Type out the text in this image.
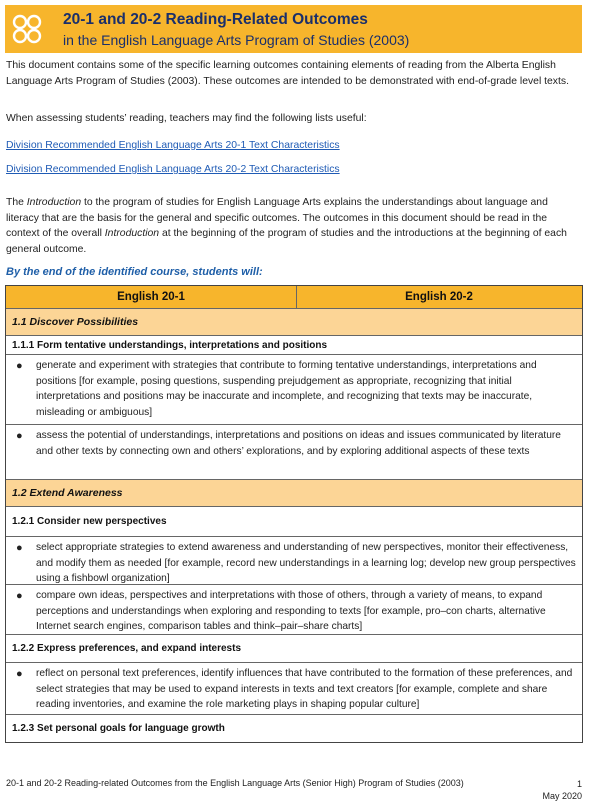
20-1 and 20-2 Reading-Related Outcomes
in the English Language Arts Program of Studies (2003)
This document contains some of the specific learning outcomes containing elements of reading from the Alberta English Language Arts Program of Studies (2003). These outcomes are intended to be demonstrated with end-of-grade level texts.
When assessing students’ reading, teachers may find the following lists useful:
Division Recommended English Language Arts 20-1 Text Characteristics
Division Recommended English Language Arts 20-2 Text Characteristics
The Introduction to the program of studies for English Language Arts explains the understandings about language and literacy that are the basis for the general and specific outcomes. The outcomes in this document should be read in the context of the overall Introduction at the beginning of the program of studies and the introductions at the beginning of each general outcome.
By the end of the identified course, students will:
English 20-1	English 20-2
1.1 Discover Possibilities
1.1.1 Form tentative understandings, interpretations and positions
● generate and experiment with strategies that contribute to forming tentative understandings, interpretations and positions [for example, posing questions, suspending prejudgement as appropriate, recognizing that initial interpretations and positions may be inaccurate and incomplete, and recognizing that texts may be inaccurate, misleading or ambiguous]
● assess the potential of understandings, interpretations and positions on ideas and issues communicated by literature and other texts by connecting own and others’ explorations, and by exploring additional aspects of these texts
1.2 Extend Awareness
1.2.1 Consider new perspectives
● select appropriate strategies to extend awareness and understanding of new perspectives, monitor their effectiveness, and modify them as needed [for example, record new understandings in a learning log; develop new group perspectives using a fishbowl organization]
● compare own ideas, perspectives and interpretations with those of others, through a variety of means, to expand perceptions and understandings when exploring and responding to texts [for example, pro–con charts, alternative Internet search engines, comparison tables and think–pair–share charts]
1.2.2 Express preferences, and expand interests
● reflect on personal text preferences, identify influences that have contributed to the formation of these preferences, and select strategies that may be used to expand interests in texts and text creators [for example, complete and share reading inventories, and examine the role marketing plays in shaping popular culture]
1.2.3 Set personal goals for language growth
20-1 and 20-2 Reading-related Outcomes from the English Language Arts (Senior High) Program of Studies (2003)	1
May 2020
